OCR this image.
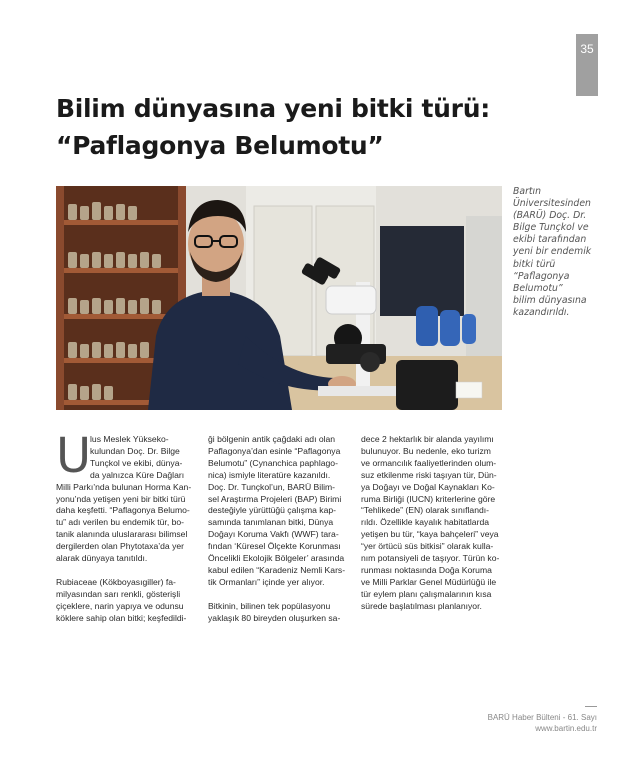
35
Bilim dünyasına yeni bitki türü:
“Paflagonya Belumotu”
Bartın
Üniversitesinden
(BARÜ) Doç. Dr.
Bilge Tunçkol ve
ekibi tarafından
yeni bir endemik
bitki türü
“Paflagonya
Belumotu”
bilim dünyasına
kazandırıldı.
U
lus Meslek Yükseko-
kulundan Doç. Dr. Bilge
Tunçkol ve ekibi, dünya-
da yalnızca Küre Dağları
Milli Parkı’nda bulunan Horma Kan-
yonu’nda yetişen yeni bir bitki türü
daha keşfetti. “Paflagonya Belumo-
tu” adı verilen bu endemik tür, bo-
tanik alanında uluslararası bilimsel
dergilerden olan Phytotaxa’da yer
alarak dünyaya tanıtıldı.
Rubiaceae (Kökboyasıgiller) fa-
milyasından sarı renkli, gösterişli
çiçeklere, narin yapıya ve odunsu
köklere sahip olan bitki; keşfedildi-
ği bölgenin antik çağdaki adı olan
Paflagonya’dan esinle “Paflagonya
Belumotu” (Cynanchica paphlago-
nica) ismiyle literatüre kazanıldı.
Doç. Dr. Tunçkol’un, BARÜ Bilim-
sel Araştırma Projeleri (BAP) Birimi
desteğiyle yürüttüğü çalışma kap-
samında tanımlanan bitki, Dünya
Doğayı Koruma Vakfı (WWF) tara-
fından ‘Küresel Ölçekte Korunması
Öncelikli Ekolojik Bölgeler’ arasında
kabul edilen “Karadeniz Nemli Kars-
tik Ormanları” içinde yer alıyor.
Bitkinin, bilinen tek popülasyonu
yaklaşık 80 bireyden oluşurken sa-
dece 2 hektarlık bir alanda yayılımı
bulunuyor. Bu nedenle, eko turizm
ve ormancılık faaliyetlerinden olum-
suz etkilenme riski taşıyan tür, Dün-
ya Doğayı ve Doğal Kaynakları Ko-
ruma Birliği (IUCN) kriterlerine göre
“Tehlikede” (EN) olarak sınıflandı-
rıldı. Özellikle kayalık habitatlarda
yetişen bu tür, “kaya bahçeleri” veya
“yer örtücü süs bitkisi” olarak kulla-
nım potansiyeli de taşıyor. Türün ko-
runması noktasında Doğa Koruma
ve Milli Parklar Genel Müdürlüğü ile
tür eylem planı çalışmalarının kısa
sürede başlatılması planlanıyor.
BARÜ Haber Bülteni - 61. Sayı
www.bartin.edu.tr
